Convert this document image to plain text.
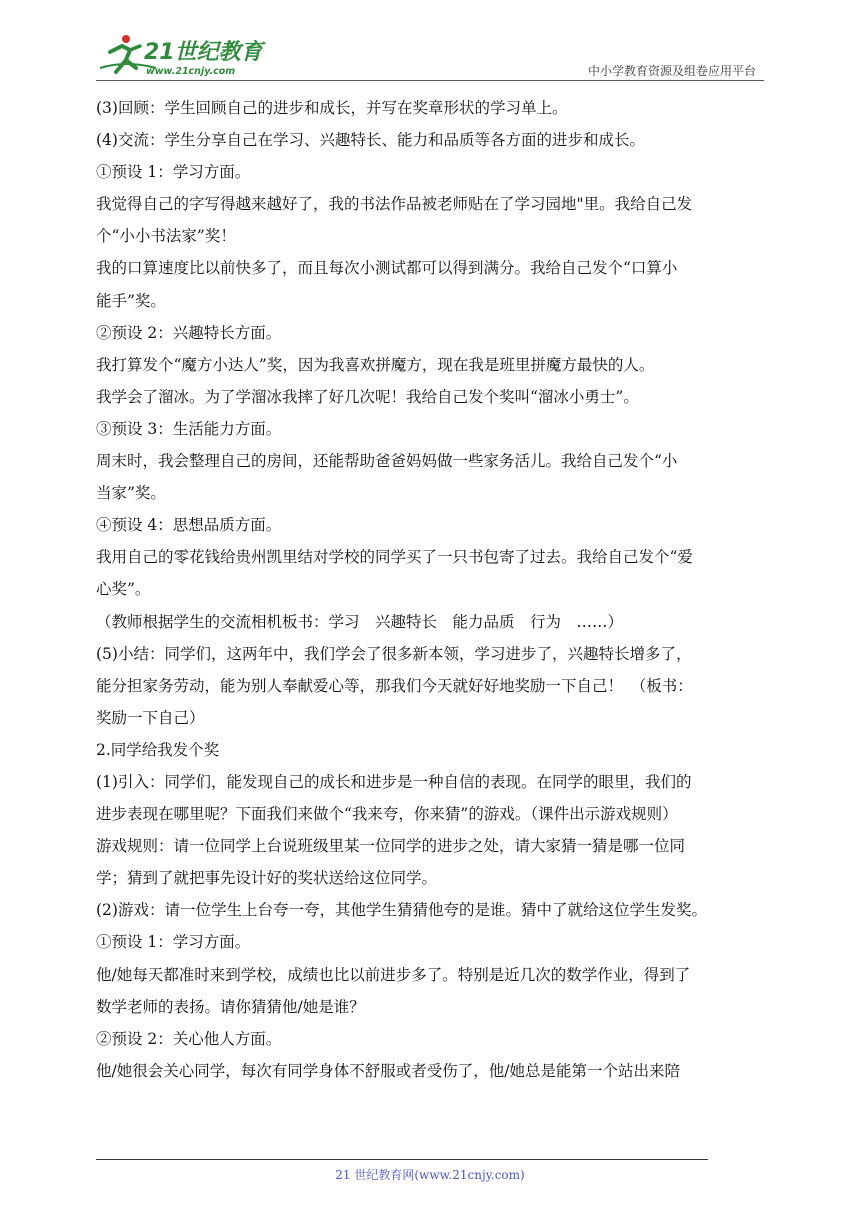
21世纪教育
www.21cnjy.com	中小学教育资源及组卷应用平台
(3)回顾：学生回顾自己的进步和成长，并写在奖章形状的学习单上。
(4)交流：学生分享自己在学习、兴趣特长、能力和品质等各方面的进步和成长。
①预设 1：学习方面。
我觉得自己的字写得越来越好了，我的书法作品被老师贴在了学习园地"里。我给自己发
个“小小书法家”奖！
我的口算速度比以前快多了，而且每次小测试都可以得到满分。我给自己发个“口算小
能手”奖。
②预设 2：兴趣特长方面。
我打算发个“魔方小达人”奖，因为我喜欢拼魔方，现在我是班里拼魔方最快的人。
我学会了溜冰。为了学溜冰我摔了好几次呢！我给自己发个奖叫“溜冰小勇士”。
③预设 3：生活能力方面。
周末时，我会整理自己的房间，还能帮助爸爸妈妈做一些家务活儿。我给自己发个“小
当家”奖。
④预设 4：思想品质方面。
我用自己的零花钱给贵州凯里结对学校的同学买了一只书包寄了过去。我给自己发个“爱
心奖”。
（教师根据学生的交流相机板书：学习　兴趣特长　能力品质　行为　……）
(5)小结：同学们，这两年中，我们学会了很多新本领，学习进步了，兴趣特长增多了，
能分担家务劳动，能为别人奉献爱心等，那我们今天就好好地奖励一下自己！　（板书：
奖励一下自己）
2.同学给我发个奖
(1)引入：同学们，能发现自己的成长和进步是一种自信的表现。在同学的眼里，我们的
进步表现在哪里呢？下面我们来做个“我来夸，你来猜”的游戏。（课件出示游戏规则）
游戏规则：请一位同学上台说班级里某一位同学的进步之处，请大家猜一猜是哪一位同
学；猜到了就把事先设计好的奖状送给这位同学。
(2)游戏：请一位学生上台夸一夸，其他学生猜猜他夸的是谁。猜中了就给这位学生发奖。
①预设 1：学习方面。
他/她每天都准时来到学校，成绩也比以前进步多了。特别是近几次的数学作业，得到了
数学老师的表扬。请你猜猜他/她是谁？
②预设 2：关心他人方面。
他/她很会关心同学，每次有同学身体不舒服或者受伤了，他/她总是能第一个站出来陪
21 世纪教育网(www.21cnjy.com)
